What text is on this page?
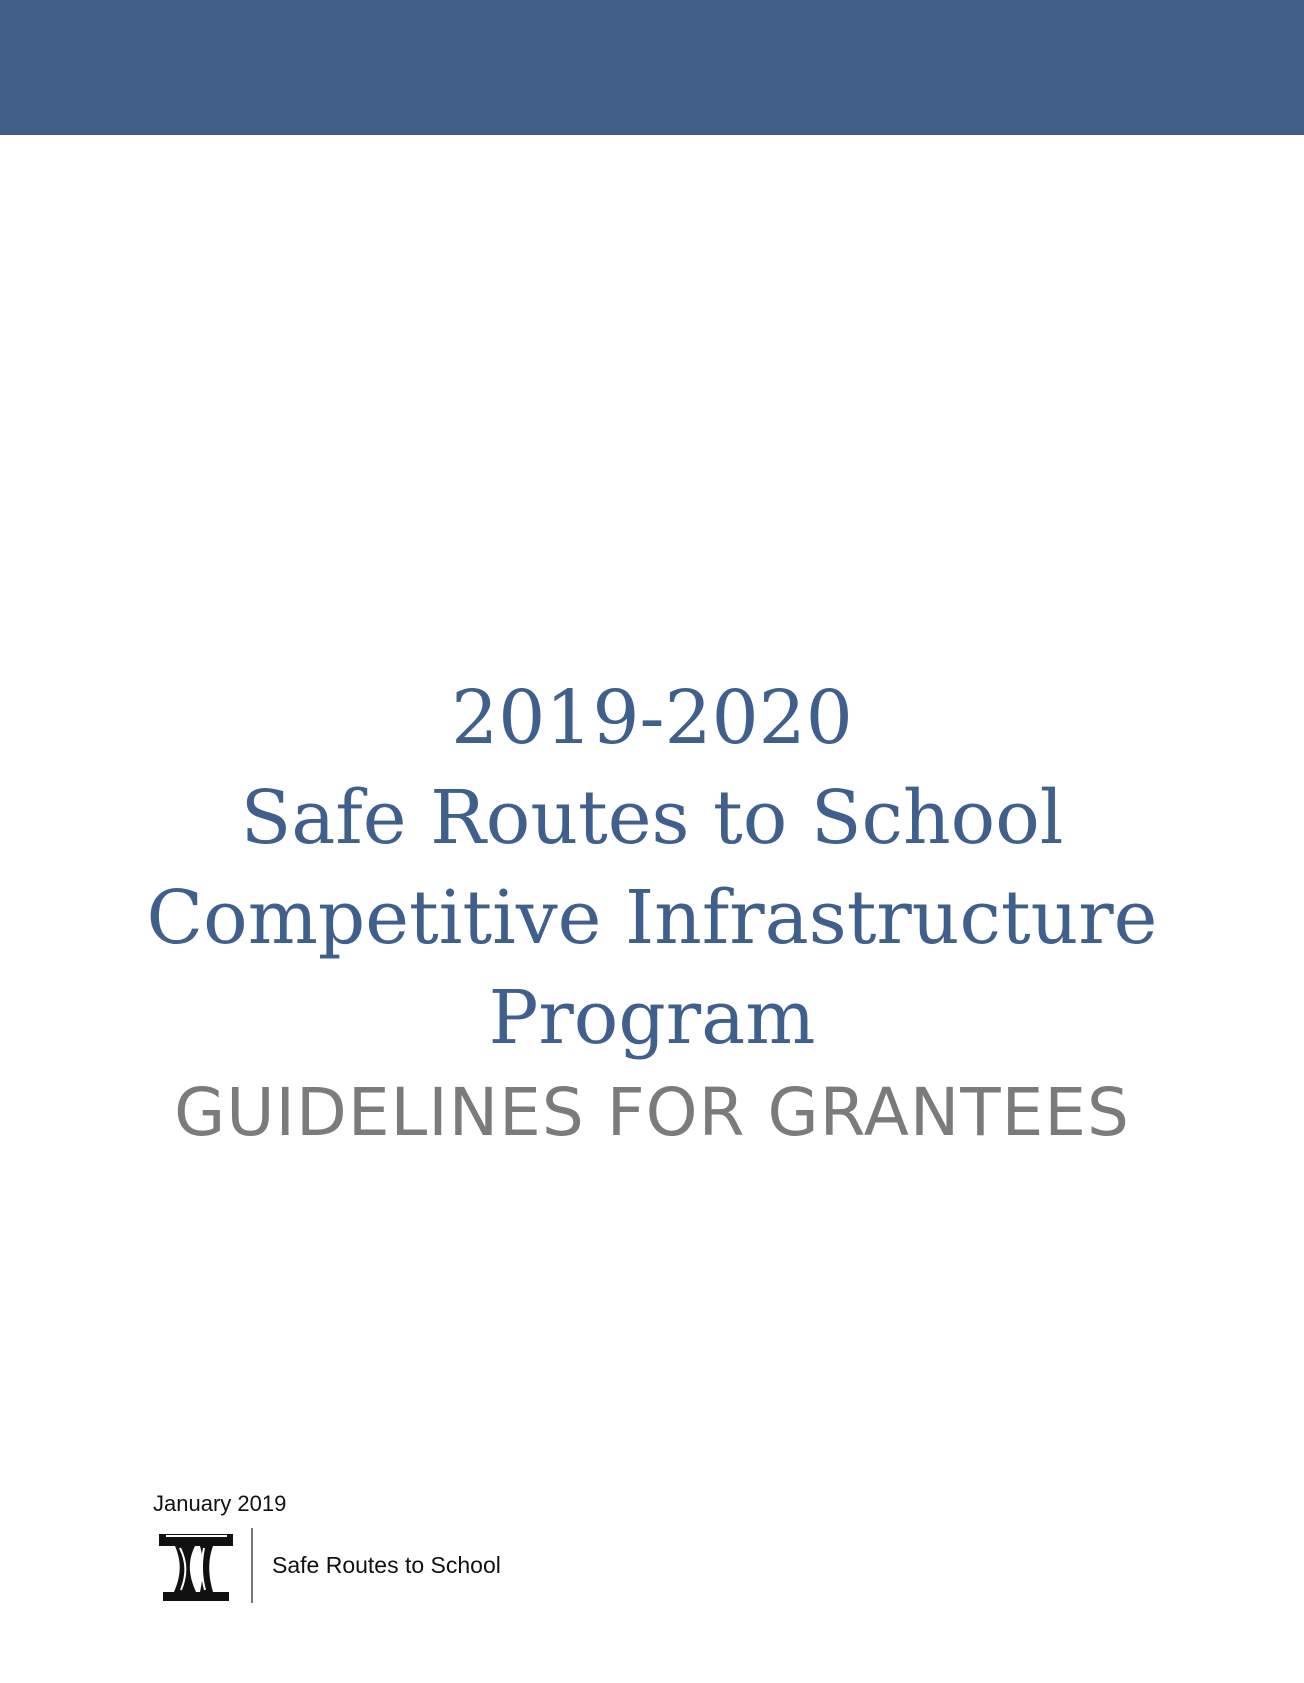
2019-2020
Safe Routes to School
Competitive Infrastructure
Program
GUIDELINES FOR GRANTEES
January 2019
Safe Routes to School
